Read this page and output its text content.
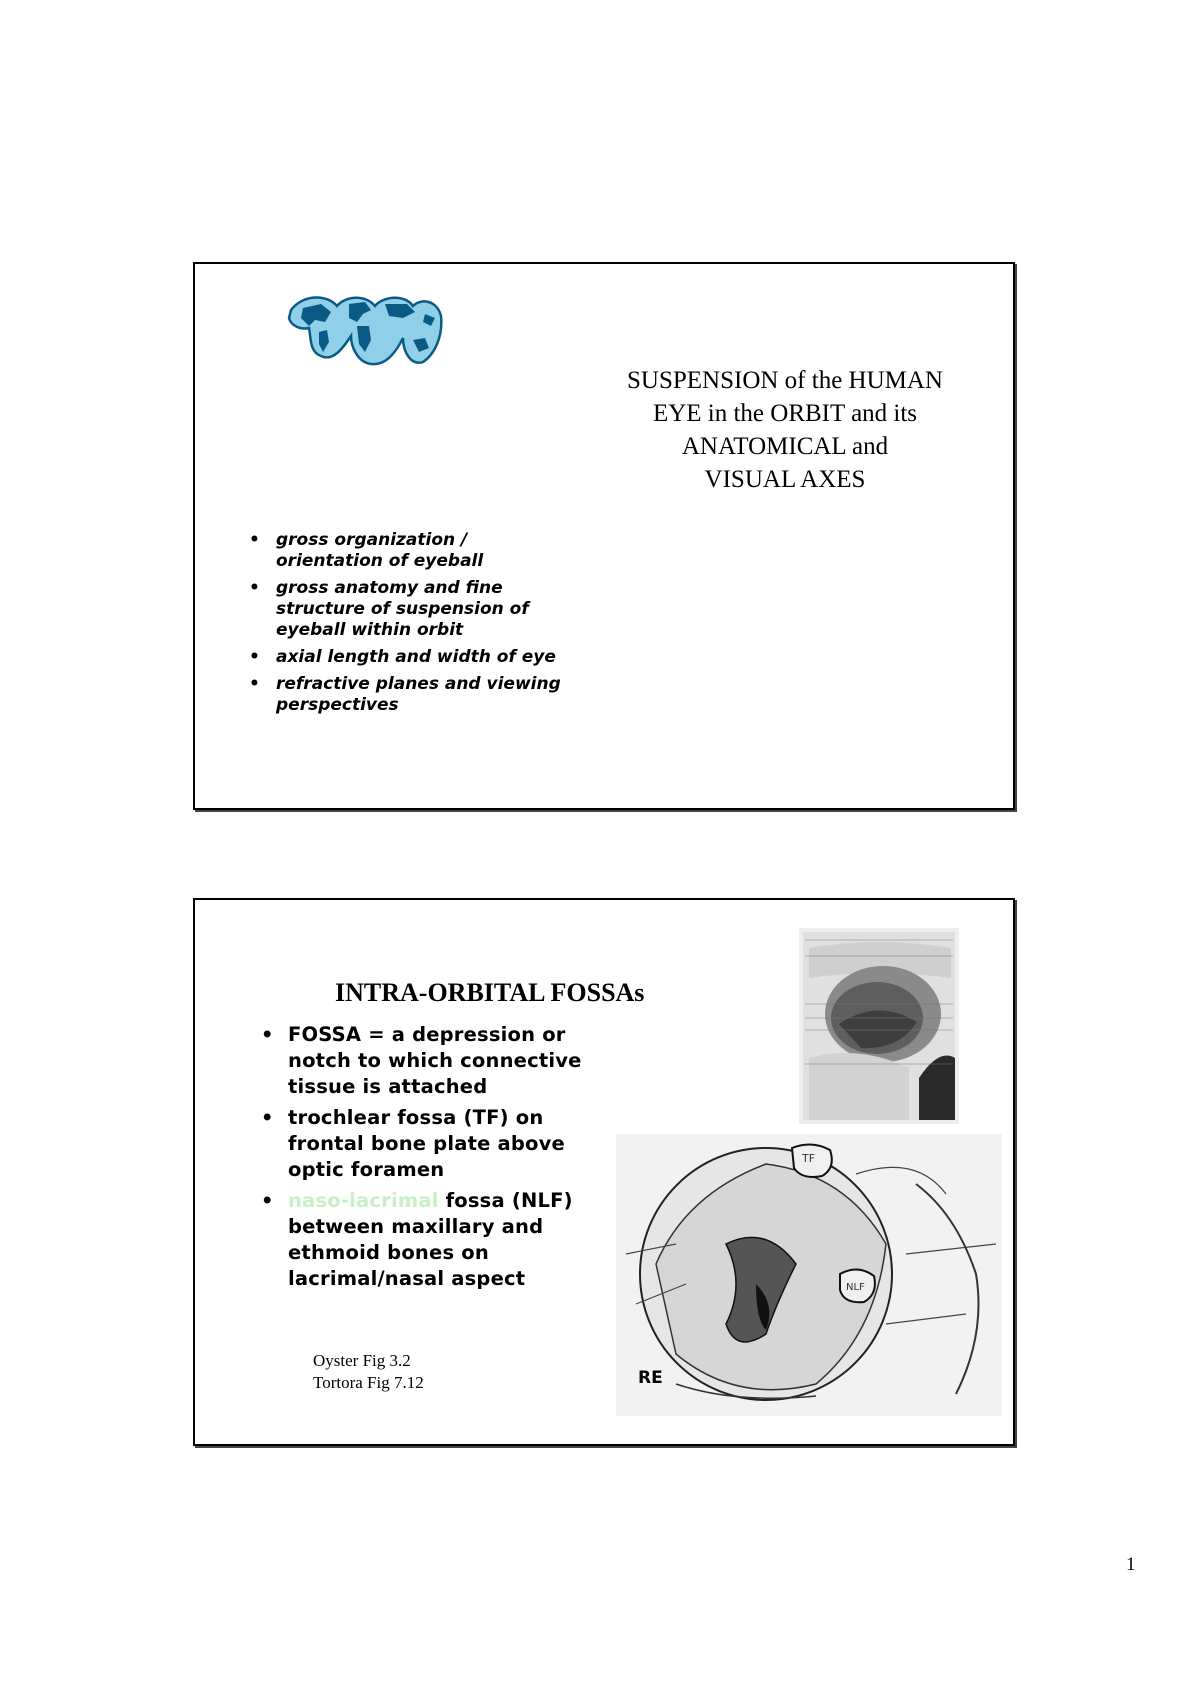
SUSPENSION of the HUMAN
EYE in the ORBIT and its
ANATOMICAL and
VISUAL AXES
• gross organization / orientation of eyeball
• gross anatomy and fine structure of suspension of eyeball within orbit
• axial length and width of eye
• refractive planes and viewing perspectives
INTRA-ORBITAL FOSSAs
• FOSSA = a depression or notch to which connective tissue is attached
• trochlear fossa (TF) on frontal bone plate above optic foramen
• naso-lacrimal fossa (NLF) between maxillary and ethmoid bones on lacrimal/nasal aspect
Oyster Fig 3.2
Tortora Fig 7.12
TF
NLF
RE
1
